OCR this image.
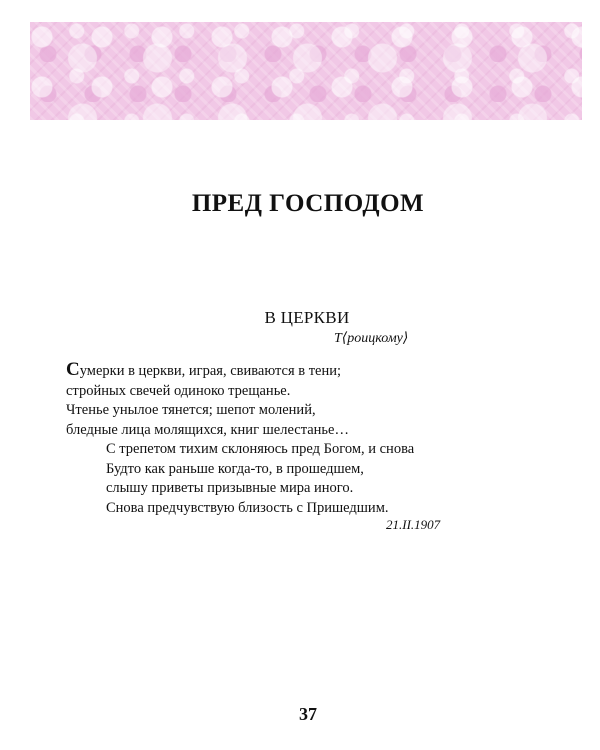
ПРЕД ГОСПОДОМ
В ЦЕРКВИ
Т⟨роицкому⟩
Сумерки в церкви, играя, свиваются в тени;
стройных свечей одиноко трещанье.
Чтенье унылое тянется; шепот молений,
бледные лица молящихся, книг шелестанье…
С трепетом тихим склоняюсь пред Богом, и снова
Будто как раньше когда-то, в прошедшем,
слышу приветы призывные мира иного.
Снова предчувствую близость с Пришедшим.
21.II.1907
37
